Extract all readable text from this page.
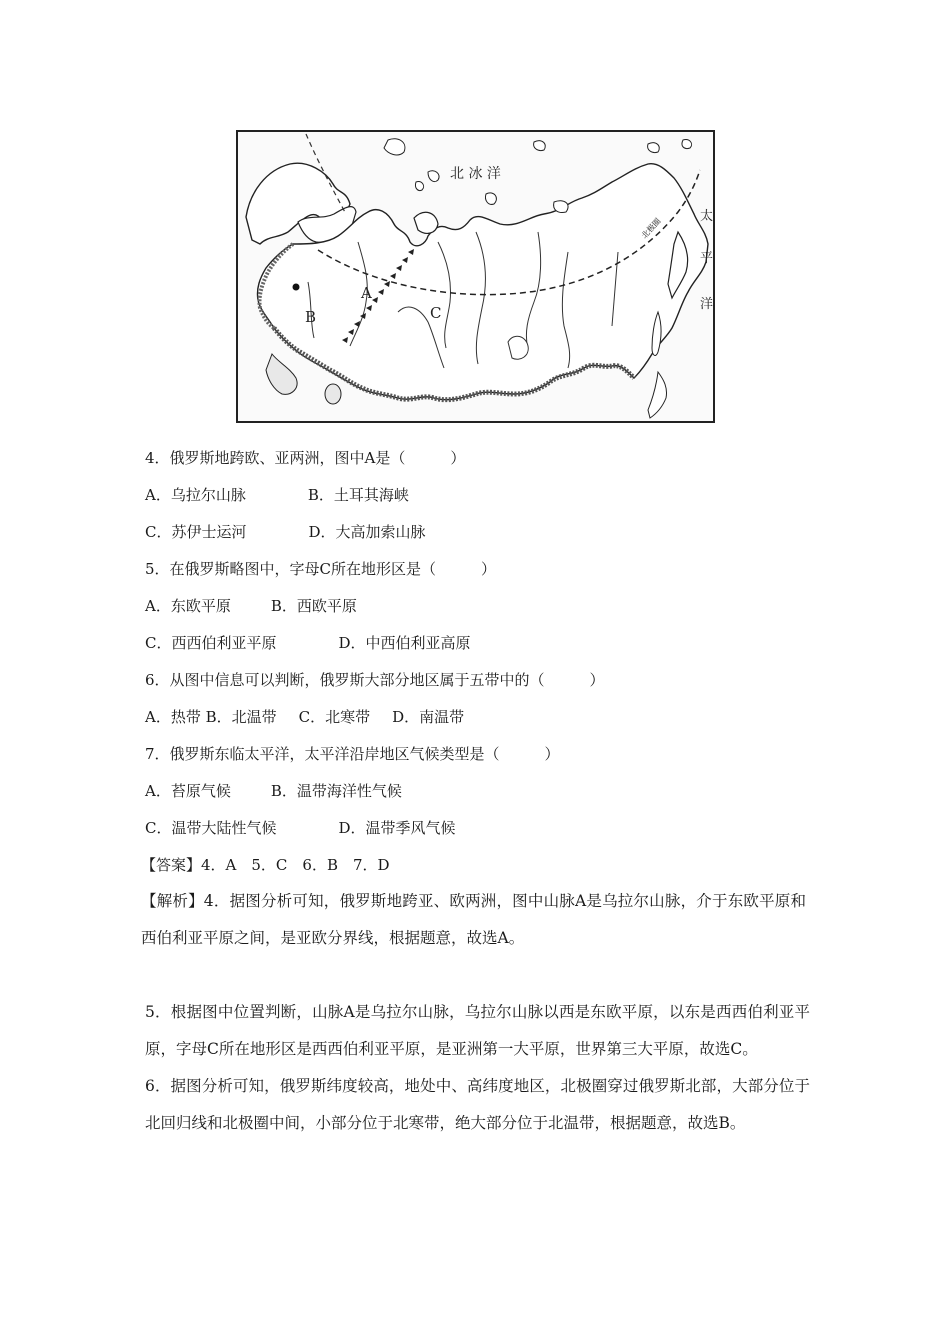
北 冰 洋
太
平
洋
北极圈
A
B	C
4．俄罗斯地跨欧、亚两洲，图中A是（　　　）
A．乌拉尔山脉	B．土耳其海峡
C．苏伊士运河	D．大高加索山脉
5．在俄罗斯略图中，字母C所在地形区是（　　　）
A．东欧平原	B．西欧平原
C．西西伯利亚平原	D．中西伯利亚高原
6．从图中信息可以判断，俄罗斯大部分地区属于五带中的（　　　）
A．热带 B．北温带 C．北寒带 D．南温带
7．俄罗斯东临太平洋，太平洋沿岸地区气候类型是（　　　）
A．苔原气候	B．温带海洋性气候
C．温带大陆性气候	D．温带季风气候
【答案】4．A　5．C　6．B　7．D
【解析】4．据图分析可知，俄罗斯地跨亚、欧两洲，图中山脉A是乌拉尔山脉，介于东欧平原和西伯利亚平原之间，是亚欧分界线，根据题意，故选A。
5．根据图中位置判断，山脉A是乌拉尔山脉，乌拉尔山脉以西是东欧平原，以东是西西伯利亚平原，字母C所在地形区是西西伯利亚平原，是亚洲第一大平原，世界第三大平原，故选C。
6．据图分析可知，俄罗斯纬度较高，地处中、高纬度地区，北极圈穿过俄罗斯北部，大部分位于北回归线和北极圈中间，小部分位于北寒带，绝大部分位于北温带，根据题意，故选B。
